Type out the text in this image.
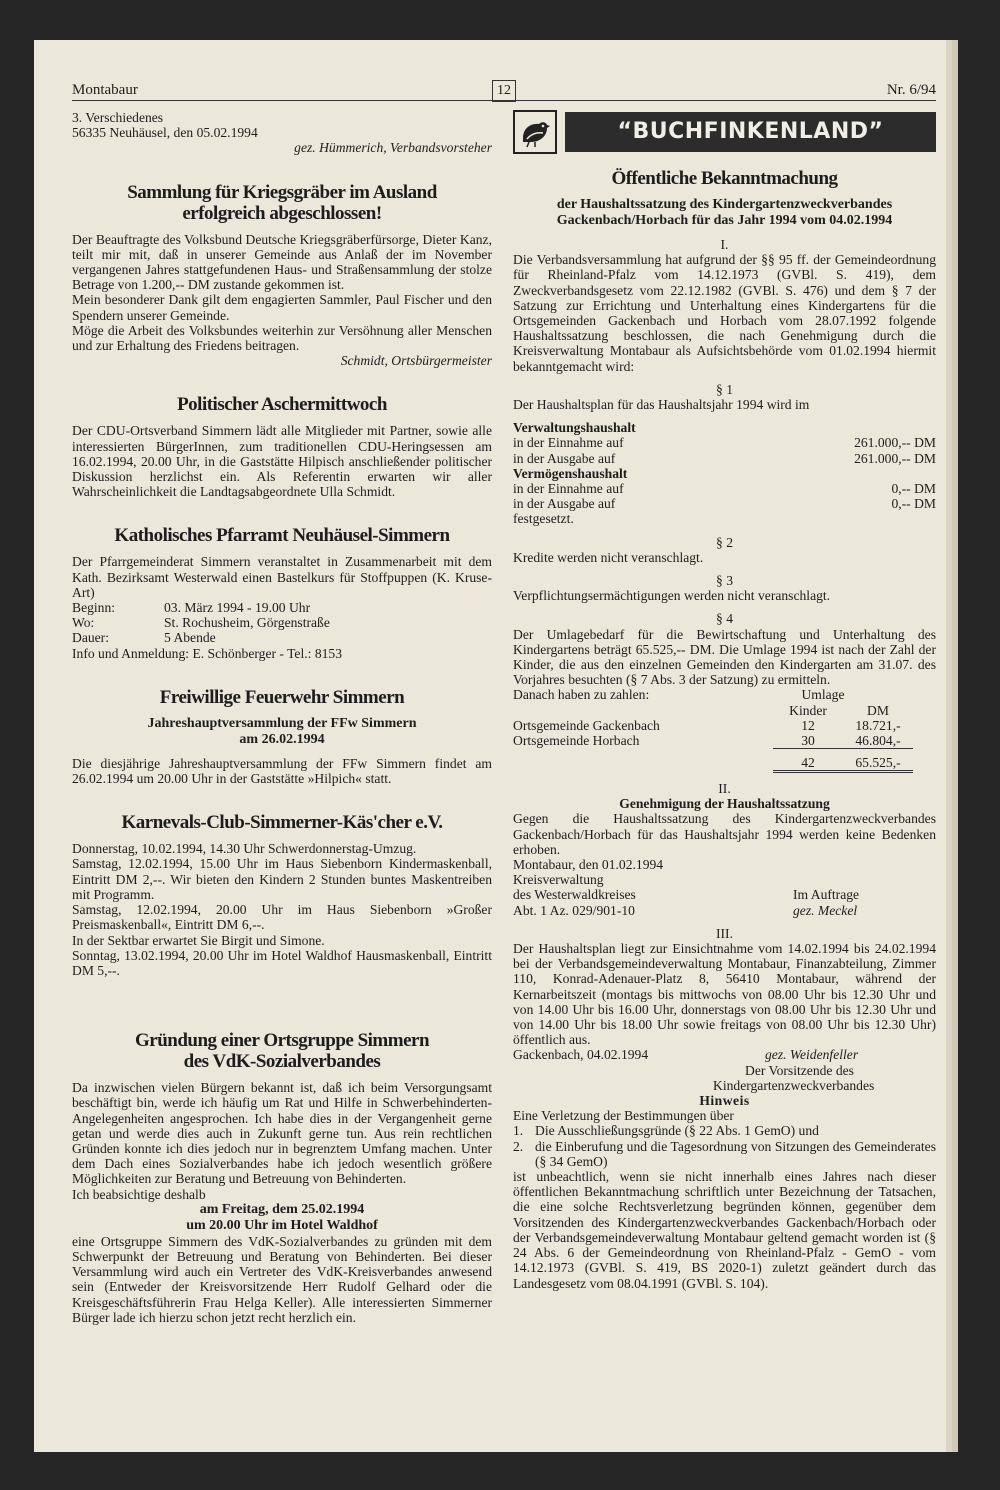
Montabaur	12	Nr. 6/94

3. Verschiedenes

56335 Neuhäusel, den 05.02.1994

gez. Hümmerich, Verbandsvorsteher

Sammlung für Kriegsgräber im Ausland
erfolgreich abgeschlossen!

Der Beauftragte des Volksbund Deutsche Kriegsgräberfürsorge, Dieter Kanz, teilt mir mit, daß in unserer Gemeinde aus Anlaß der im November vergangenen Jahres stattgefundenen Haus- und Straßensammlung der stolze Betrage von 1.200,-- DM zustande gekommen ist.

Mein besonderer Dank gilt dem engagierten Sammler, Paul Fischer und den Spendern unserer Gemeinde.

Möge die Arbeit des Volksbundes weiterhin zur Versöhnung aller Menschen und zur Erhaltung des Friedens beitragen.

Schmidt, Ortsbürgermeister

Politischer Aschermittwoch

Der CDU-Ortsverband Simmern lädt alle Mitglieder mit Partner, sowie alle interessierten BürgerInnen, zum traditionellen CDU-Heringsessen am 16.02.1994, 20.00 Uhr, in die Gaststätte Hilpisch anschließender politischer Diskussion herzlichst ein. Als Referentin erwarten wir aller Wahrscheinlichkeit die Landtagsabgeordnete Ulla Schmidt.

Katholisches Pfarramt Neuhäusel-Simmern

Der Pfarrgemeinderat Simmern veranstaltet in Zusammenarbeit mit dem Kath. Bezirksamt Westerwald einen Bastelkurs für Stoffpuppen (K. Kruse-Art)

Beginn:	03. März 1994 - 19.00 Uhr
Wo:	St. Rochusheim, Görgenstraße
Dauer:	5 Abende

Info und Anmeldung: E. Schönberger - Tel.: 8153

Freiwillige Feuerwehr Simmern
Jahreshauptversammlung der FFw Simmern
am 26.02.1994

Die diesjährige Jahreshauptversammlung der FFw Simmern findet am 26.02.1994 um 20.00 Uhr in der Gaststätte »Hilpich« statt.

Karnevals-Club-Simmerner-Käs'cher e.V.

Donnerstag, 10.02.1994, 14.30 Uhr Schwerdonnerstag-Umzug.

Samstag, 12.02.1994, 15.00 Uhr im Haus Siebenborn Kindermaskenball, Eintritt DM 2,--. Wir bieten den Kindern 2 Stunden buntes Maskentreiben mit Programm.

Samstag, 12.02.1994, 20.00 Uhr im Haus Siebenborn »Großer Preismaskenball«, Eintritt DM 6,--.

In der Sektbar erwartet Sie Birgit und Simone.

Sonntag, 13.02.1994, 20.00 Uhr im Hotel Waldhof Hausmaskenball, Eintritt DM 5,--.

Gründung einer Ortsgruppe Simmern
des VdK-Sozialverbandes

Da inzwischen vielen Bürgern bekannt ist, daß ich beim Versorgungsamt beschäftigt bin, werde ich häufig um Rat und Hilfe in Schwerbehinderten-Angelegenheiten angesprochen. Ich habe dies in der Vergangenheit gerne getan und werde dies auch in Zukunft gerne tun. Aus rein rechtlichen Gründen konnte ich dies jedoch nur in begrenztem Umfang machen. Unter dem Dach eines Sozialverbandes habe ich jedoch wesentlich größere Möglichkeiten zur Beratung und Betreuung von Behinderten.

Ich beabsichtige deshalb

am Freitag, dem 25.02.1994
um 20.00 Uhr im Hotel Waldhof

eine Ortsgruppe Simmern des VdK-Sozialverbandes zu gründen mit dem Schwerpunkt der Betreuung und Beratung von Behinderten. Bei dieser Versammlung wird auch ein Vertreter des VdK-Kreisverbandes anwesend sein (Entweder der Kreisvorsitzende Herr Rudolf Gelhard oder die Kreisgeschäftsführerin Frau Helga Keller). Alle interessierten Simmerner Bürger lade ich hierzu schon jetzt recht herzlich ein.

“BUCHFINKENLAND”
Öffentliche Bekanntmachung
der Haushaltssatzung des Kindergartenzweckverbandes
Gackenbach/Horbach für das Jahr 1994 vom 04.02.1994

I.

Die Verbandsversammlung hat aufgrund der §§ 95 ff. der Gemeindeordnung für Rheinland-Pfalz vom 14.12.1973 (GVBl. S. 419), dem Zweckverbandsgesetz vom 22.12.1982 (GVBl. S. 476) und dem § 7 der Satzung zur Errichtung und Unterhaltung eines Kindergartens für die Ortsgemeinden Gackenbach und Horbach vom 28.07.1992 folgende Haushaltssatzung beschlossen, die nach Genehmigung durch die Kreisverwaltung Montabaur als Aufsichtsbehörde vom 01.02.1994 hiermit bekanntgemacht wird:

§ 1

Der Haushaltsplan für das Haushaltsjahr 1994 wird im

Verwaltungshaushalt

in der Einnahme auf	261.000,-- DM
in der Ausgabe auf	261.000,-- DM

Vermögenshaushalt

in der Einnahme auf	0,-- DM
in der Ausgabe auf	0,-- DM

festgesetzt.

§ 2

Kredite werden nicht veranschlagt.

§ 3

Verpflichtungsermächtigungen werden nicht veranschlagt.

§ 4

Der Umlagebedarf für die Bewirtschaftung und Unterhaltung des Kindergartens beträgt 65.525,-- DM. Die Umlage 1994 ist nach der Zahl der Kinder, die aus den einzelnen Gemeinden den Kindergarten am 31.07. des Vorjahres besuchten (§ 7 Abs. 3 der Satzung) zu ermitteln.

Danach haben zu zahlen:	Umlage		
	Kinder	DM	
Ortsgemeinde Gackenbach	12	18.721,-	
Ortsgemeinde Horbach	30	46.804,-	

	42	65.525,-	

II.

Genehmigung der Haushaltssatzung

Gegen die Haushaltssatzung des Kindergartenzweckverbandes Gackenbach/Horbach für das Haushaltsjahr 1994 werden keine Bedenken erhoben.

Montabaur, den 01.02.1994

Kreisverwaltung

des Westerwaldkreises	Im Auftrage
Abt. 1 Az. 029/901-10	gez. Meckel

III.

Der Haushaltsplan liegt zur Einsichtnahme vom 14.02.1994 bis 24.02.1994 bei der Verbandsgemeindeverwaltung Montabaur, Finanzabteilung, Zimmer 110, Konrad-Adenauer-Platz 8, 56410 Montabaur, während der Kernarbeitszeit (montags bis mittwochs von 08.00 Uhr bis 12.30 Uhr und von 14.00 Uhr bis 16.00 Uhr, donnerstags von 08.00 Uhr bis 12.30 Uhr und von 14.00 Uhr bis 18.00 Uhr sowie freitags von 08.00 Uhr bis 12.30 Uhr) öffentlich aus.

Gackenbach, 04.02.1994	gez. Weidenfeller

Der Vorsitzende des

Kindergartenzweckverbandes

Hinweis

Eine Verletzung der Bestimmungen über

1. Die Ausschließungsgründe (§ 22 Abs. 1 GemO) und
2. die Einberufung und die Tagesordnung von Sitzungen des Gemeinderates (§ 34 GemO)

ist unbeachtlich, wenn sie nicht innerhalb eines Jahres nach dieser öffentlichen Bekanntmachung schriftlich unter Bezeichnung der Tatsachen, die eine solche Rechtsverletzung begründen können, gegenüber dem Vorsitzenden des Kindergartenzweckverbandes Gackenbach/Horbach oder der Verbandsgemeindeverwaltung Montabaur geltend gemacht worden ist (§ 24 Abs. 6 der Gemeindeordnung von Rheinland-Pfalz - GemO - vom 14.12.1973 (GVBl. S. 419, BS 2020-1) zuletzt geändert durch das Landesgesetz vom 08.04.1991 (GVBl. S. 104).
